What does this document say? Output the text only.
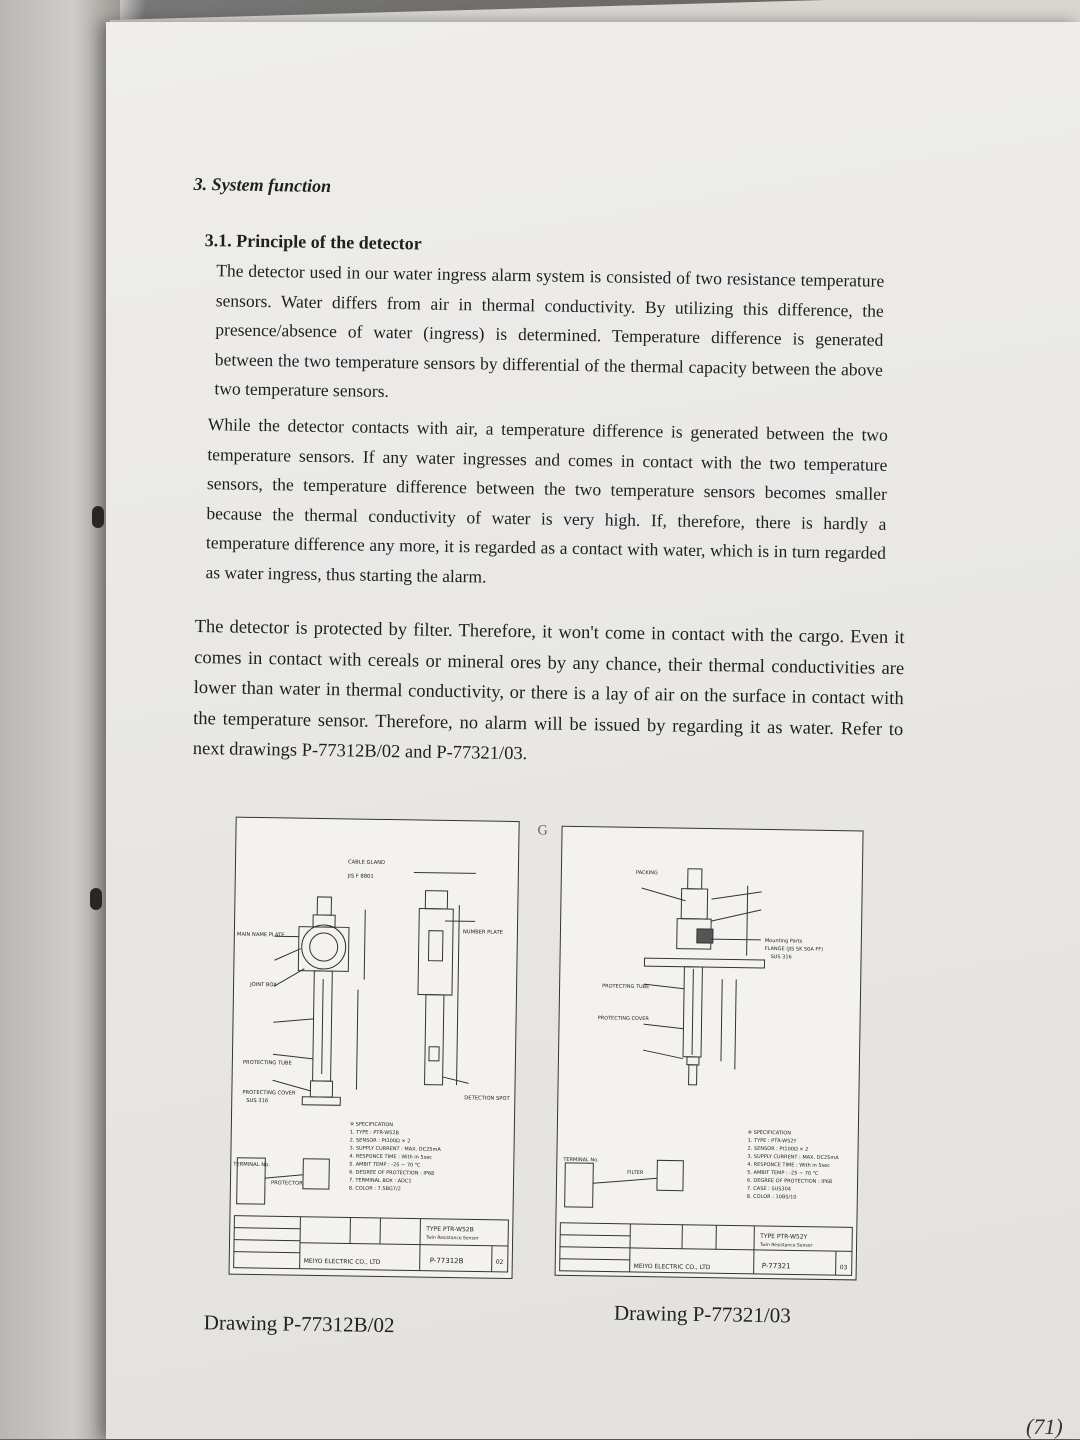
3. System function
3.1. Principle of the detector
The detector used in our water ingress alarm system is consisted of two resistance temperature sensors. Water differs from air in thermal conductivity. By utilizing this difference, the presence/absence of water (ingress) is determined. Temperature difference is generated between the two temperature sensors by differential of the thermal capacity between the above two temperature sensors.
While the detector contacts with air, a temperature difference is generated between the two temperature sensors. If any water ingresses and comes in contact with the two temperature sensors, the temperature difference between the two temperature sensors becomes smaller because the thermal conductivity of water is very high. If, therefore, there is hardly a temperature difference any more, it is regarded as a contact with water, which is in turn regarded as water ingress, thus starting the alarm.
The detector is protected by filter. Therefore, it won't come in contact with the cargo. Even it comes in contact with cereals or mineral ores by any chance, their thermal conductivities are lower than water in thermal conductivity, or there is a lay of air on the surface in contact with the temperature sensor. Therefore, no alarm will be issued by regarding it as water. Refer to next drawings P-77312B/02 and P-77321/03.
G
CABLE GLAND
JIS F 8801
MAIN NAME PLATE	NUMBER PLATE
JOINT BOX
PROTECTING TUBE
PROTECTING COVER
SUS 316	DETECTION SPOT
TERMINAL No.
PROTECTOR
※ SPECIFICATION
1. TYPE : PTR-W52B
2. SENSOR : Pt100Ω × 2
3. SUPPLY CURRENT : MAX. DC25mA
4. RESPONCE TIME : With in 5sec
5. AMBIT TEMP : -25 ~ 70 ℃
6. DEGREE OF PROTECTION : IP68
7. TERMINAL BOX : ADC1
8. COLOR : 7.5BG7/2
TYPE PTR-W52B
Twin Resistance Sensor
MEIYO ELECTRIC CO., LTD	P-77312B	02
PACKING
Mounting Parts
FLANGE (JIS 5K 50A FF)
SUS 316
PROTECTING TUBE
PROTECTING COVER
FILTER
TERMINAL No.
※ SPECIFICATION
1. TYPE : PTR-W52Y
2. SENSOR : Pt100Ω × 2
3. SUPPLY CURRENT : MAX. DC25mA
4. RESPONCE TIME : With in 5sec
5. AMBIT TEMP : -25 ~ 70 ℃
6. DEGREE OF PROTECTION : IP68
7. CASE : SUS304
8. COLOR : 10B5/10
TYPE PTR-W52Y
Twin Resistance Sensor
MEIYO ELECTRIC CO., LTD	P-77321	03
Drawing P-77312B/02	Drawing P-77321/03
(71)
